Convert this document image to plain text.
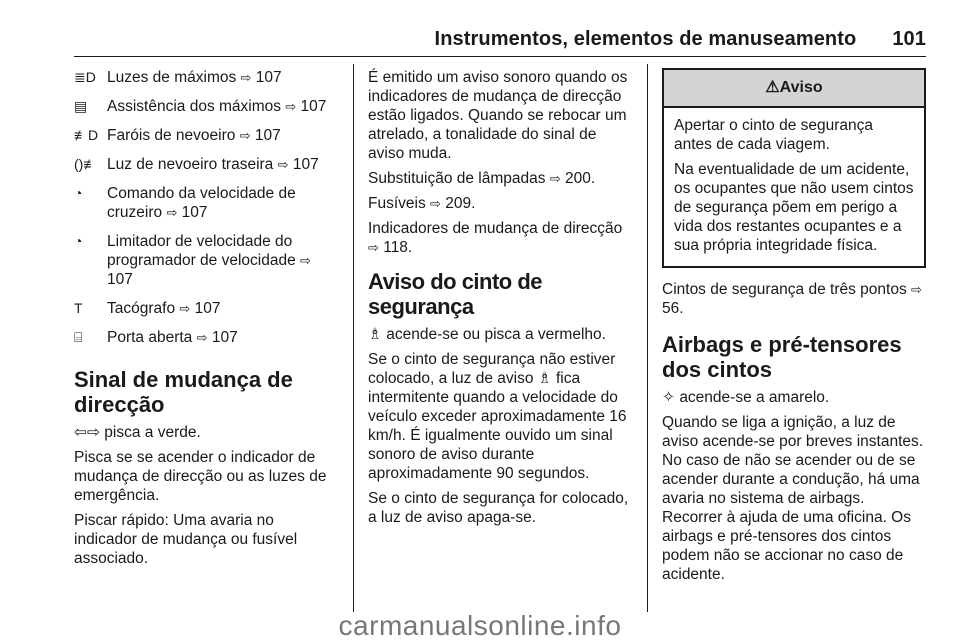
Instrumentos, elementos de manuseamento 101
≣D Luzes de máximos ⇨ 107
▤	Assistência dos máximos ⇨ 107
≢D Faróis de nevoeiro ⇨ 107
()≢ Luz de nevoeiro traseira ⇨ 107
◔	Comando da velocidade de cruzeiro ⇨ 107
◔	Limitador de velocidade do programador de velocidade ⇨ 107
T	Tacógrafo ⇨ 107
⌸	Porta aberta ⇨ 107
Sinal de mudança de direcção

⇦⇨ pisca a verde.

Pisca se se acender o indicador de mudança de direcção ou as luzes de emergência.

Piscar rápido: Uma avaria no indicador de mudança ou fusível associado.

É emitido um aviso sonoro quando os indicadores de mudança de direcção estão ligados. Quando se rebocar um atrelado, a tonalidade do sinal de aviso muda.

Substituição de lâmpadas ⇨ 200.

Fusíveis ⇨ 209.

Indicadores de mudança de direcção ⇨ 118.

Aviso do cinto de segurança

♗ acende-se ou pisca a vermelho.

Se o cinto de segurança não estiver colocado, a luz de aviso ♗ fica intermitente quando a velocidade do veículo exceder aproximadamente 16 km/h. É igualmente ouvido um sinal sonoro de aviso durante aproximadamente 90 segundos.

Se o cinto de segurança for colocado, a luz de aviso apaga-se.

⚠Aviso

Apertar o cinto de segurança antes de cada viagem.

Na eventualidade de um acidente, os ocupantes que não usem cintos de segurança põem em perigo a vida dos restantes ocupantes e a sua própria integridade física.

Cintos de segurança de três pontos ⇨ 56.

Airbags e pré-tensores dos cintos

✧ acende-se a amarelo.

Quando se liga a ignição, a luz de aviso acende-se por breves instantes. No caso de não se acender ou de se acender durante a condução, há uma avaria no sistema de airbags. Recorrer à ajuda de uma oficina. Os airbags e pré-tensores dos cintos podem não se accionar no caso de acidente.

carmanualsonline.info
